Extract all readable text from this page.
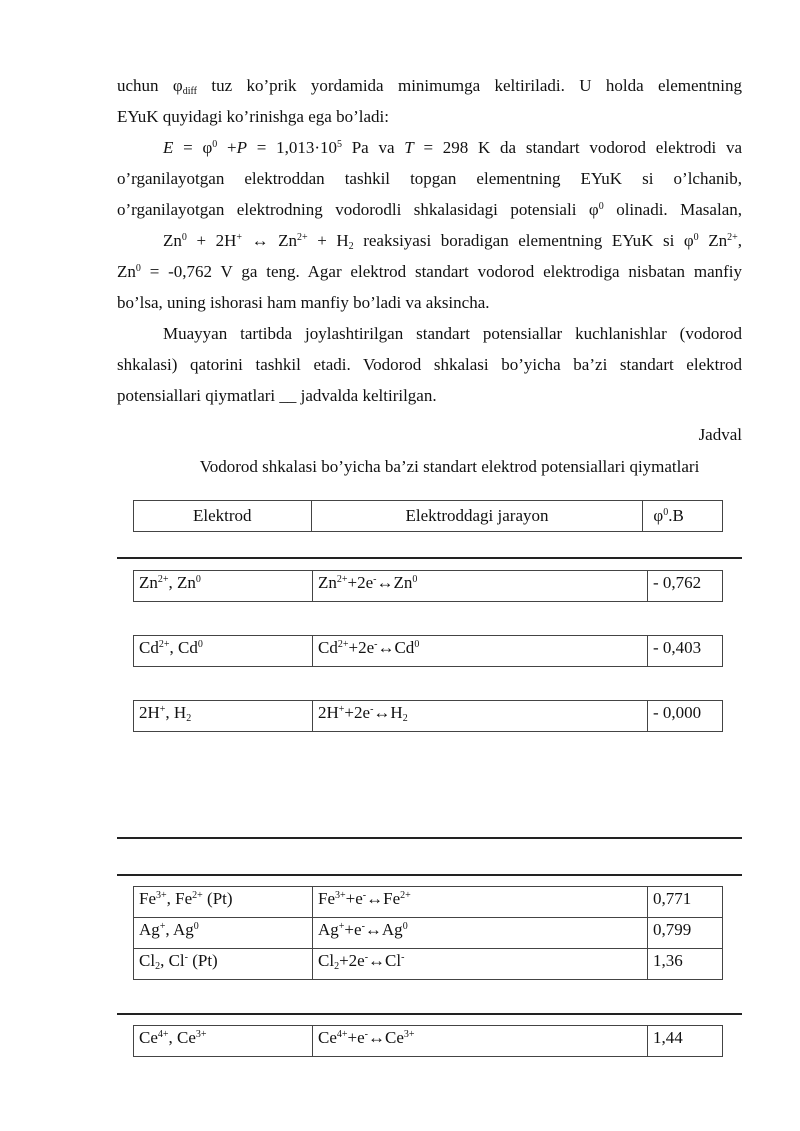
uchun $\varphi_{diff}$ tuz ko’prik yordamida minimumga keltiriladi. U holda elementning
EYuK quyidagi ko’rinishga ega bo’ladi:
$E = \varphi^0 +P = 1,013\cdot 10^5$ Pa va T = 298 K da standart vodorod elektrodi va
o’rganilayotgan elektroddan tashkil topgan elementning EYuK si o’lchanib,
o’rganilayotgan elektrodning vodorodli shkalasidagi potensiali $\varphi^0$ olinadi. Masalan,
$Zn^0 + 2H^+$ ↔ $Zn^{2+} + H_2$ reaksiyasi boradigan elementning EYuK si $\varphi^0$ $Zn^{2+}$,
$Zn^0 = -0,762$ V ga teng. Agar elektrod standart vodorod elektrodiga nisbatan manfiy
bo’lsa, uning ishorasi ham manfiy bo’ladi va aksincha.
Muayyan tartibda joylashtirilgan standart potensiallar kuchlanishlar (vodorod
shkalasi) qatorini tashkil etadi. Vodorod shkalasi bo’yicha ba’zi standart elektrod
potensiallari qiymatlari __ jadvalda keltirilgan.
Jadval
Vodorod shkalasi bo’yicha ba’zi standart elektrod potensiallari qiymatlari
Elektrod	Elektroddagi jarayon	$\varphi^0.B$
$Zn^{2+}$, Zn$^0$	$Zn^{2+}+2e^-\leftrightarrow Zn^0$	- 0,762
$Cd^{2+}$, Cd$^0$	$Cd^{2+}+2e^-\leftrightarrow Cd^0$	- 0,403
2H+, $H_2$	$2H^++2e^-\leftrightarrow H_2$	- 0,000
$Fe^{3+}$, $Fe^{2+}$ (Pt)	$Fe^{3+}+e^-\leftrightarrow Fe^{2+}$	0,771
Ag+, Ag$^0$	$Ag^++e^-\leftrightarrow Ag^0$	0,799
$Cl_2$, Cl- (Pt)	$Cl_2+2e^-\leftrightarrow Cl^-$	1,36
$Ce^{4+}$, $Ce^{3+}$	$Ce^{4+}+e^-\leftrightarrow Ce^{3+}$	1,44
